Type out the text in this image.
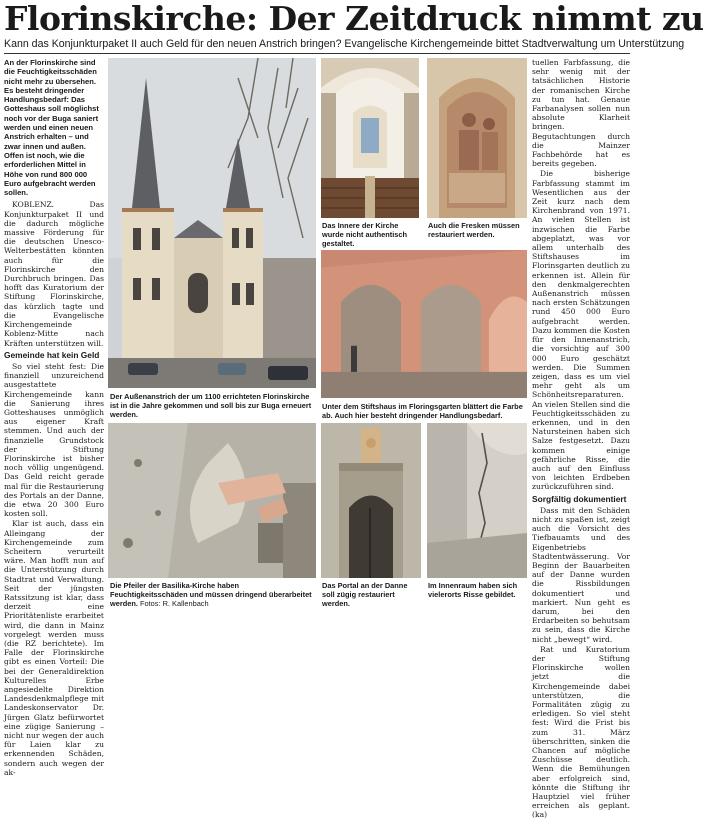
Florinskirche: Der Zeitdruck nimmt zu
Kann das Konjunkturpaket II auch Geld für den neuen Anstrich bringen? Evangelische Kirchengemeinde bittet Stadtverwaltung um Unterstützung
An der Florinskirche sind die Feuchtigkeitsschäden nicht mehr zu übersehen. Es besteht dringender Handlungsbedarf: Das Gotteshaus soll möglichst noch vor der Buga saniert werden und einen neuen Anstrich erhalten – und zwar innen und außen. Offen ist noch, wie die erforderlichen Mittel in Höhe von rund 800 000 Euro aufgebracht werden sollen.

KOBLENZ. Das Konjunkturpaket II und die dadurch mögliche massive Förderung für die deutschen Unesco-Welterbestätten könnten auch für die Florinskirche den Durchbruch bringen. Das hofft das Kuratorium der Stiftung Florinskirche, das kürzlich tagte und die Evangelische Kirchengemeinde Koblenz-Mitte nach Kräften unterstützen will.

Gemeinde hat kein Geld

So viel steht fest: Die finanziell unzureichend ausgestattete Kirchengemeinde kann die Sanierung ihres Gotteshauses unmöglich aus eigener Kraft stemmen. Und auch der finanzielle Grundstock der Stiftung Florinskirche ist bisher noch völlig ungenügend. Das Geld reicht gerade mal für die Restaurierung des Portals an der Danne, die etwa 20 300 Euro kosten soll.

Klar ist auch, dass ein Alleingang der Kirchengemeinde zum Scheitern verurteilt wäre. Man hofft nun auf die Unterstützung durch Stadtrat und Verwaltung. Seit der jüngsten Ratssitzung ist klar, dass derzeit eine Prioritätenliste erarbeitet wird, die dann in Mainz vorgelegt werden muss (die RZ berichtete). Im Falle der Florinskirche gibt es einen Vorteil: Die bei der Generaldirektion Kulturelles Erbe angesiedelte Direktion Landesdenkmalpflege mit Landeskonservator Dr. Jürgen Glatz befürwortet eine zügige Sanierung – nicht nur wegen der auch für Laien klar zu erkennenden Schäden, sondern auch wegen der ak-

Der Außenanstrich der um 1100 errichteten Florinskirche ist in die Jahre gekommen und soll bis zur Buga erneuert werden.
Das Innere der Kirche wurde nicht authentisch gestaltet.
Auch die Fresken müssen restauriert werden.
Unter dem Stiftshaus im Floringsgarten blättert die Farbe ab. Auch hier besteht dringender Handlungsbedarf.
Die Pfeiler der Basilika-Kirche haben Feuchtigkeitsschäden und müssen dringend überarbeitet werden. Fotos: R. Kallenbach
Das Portal an der Danne soll zügig restauriert werden.
Im Innenraum haben sich vielerorts Risse gebildet.

tuellen Farbfassung, die sehr wenig mit der tatsächlichen Historie der romanischen Kirche zu tun hat. Genaue Farbanalysen sollen nun absolute Klarheit bringen. Begutachtungen durch die Mainzer Fachbehörde hat es bereits gegeben.

Die bisherige Farbfassung stammt im Wesentlichen aus der Zeit kurz nach dem Kirchenbrand von 1971. An vielen Stellen ist inzwischen die Farbe abgeplatzt, was vor allem unterhalb des Stiftshauses im Florinsgarten deutlich zu erkennen ist. Allein für den denkmalgerechten Außenanstrich müssen nach ersten Schätzungen rund 450 000 Euro aufgebracht werden. Dazu kommen die Kosten für den Innenanstrich, die vorsichtig auf 300 000 Euro geschätzt werden. Die Summen zeigen, dass es um viel mehr geht als um Schönheitsreparaturen. An vielen Stellen sind die Feuchtigkeitsschäden zu erkennen, und in den Natursteinen haben sich Salze festgesetzt. Dazu kommen einige gefährliche Risse, die auch auf den Einfluss von leichten Erdbeben zurückzuführen sind.

Sorgfältig dokumentiert

Dass mit den Schäden nicht zu spaßen ist, zeigt auch die Vorsicht des Tiefbauamts und des Eigenbetriebs Stadtentwässerung. Vor Beginn der Bauarbeiten auf der Danne wurden die Rissbildungen dokumentiert und markiert. Nun geht es darum, bei den Erdarbeiten so behutsam zu sein, dass die Kirche nicht „bewegt“ wird.

Rat und Kuratorium der Stiftung Florinskirche wollen jetzt die Kirchengemeinde dabei unterstützen, die Formalitäten zügig zu erledigen. So viel steht fest: Wird die Frist bis zum 31. März überschritten, sinken die Chancen auf mögliche Zuschüsse deutlich. Wenn die Bemühungen aber erfolgreich sind, könnte die Stiftung ihr Hauptziel viel früher erreichen als geplant. (ka)
